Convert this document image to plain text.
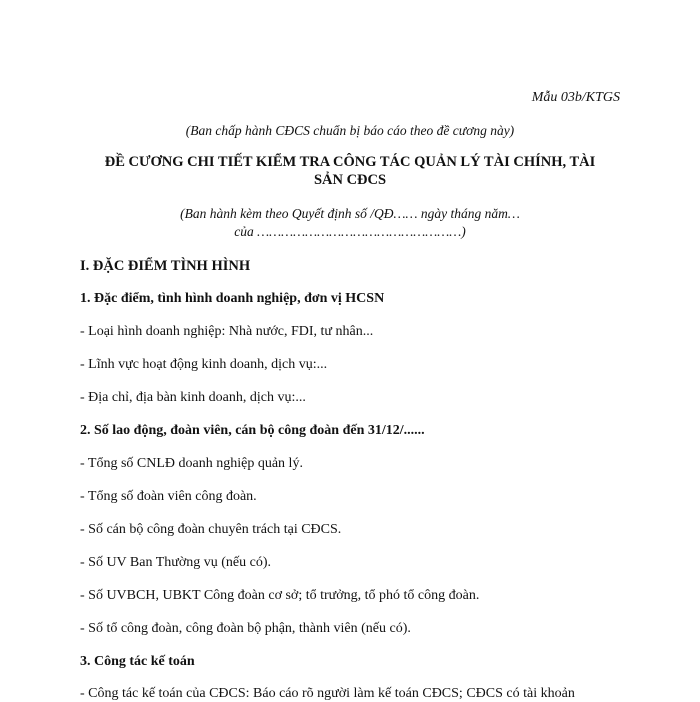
Mẫu 03b/KTGS
(Ban chấp hành CĐCS chuẩn bị báo cáo theo đề cương này)
ĐỀ CƯƠNG CHI TIẾT KIỂM TRA CÔNG TÁC QUẢN LÝ TÀI CHÍNH, TÀI
SẢN CĐCS
(Ban hành kèm theo Quyết định số /QĐ…… ngày tháng năm…
của ……………………………………………)
I. ĐẶC ĐIỂM TÌNH HÌNH
1. Đặc điểm, tình hình doanh nghiệp, đơn vị HCSN
- Loại hình doanh nghiệp: Nhà nước, FDI, tư nhân...
- Lĩnh vực hoạt động kinh doanh, dịch vụ:...
- Địa chỉ, địa bàn kinh doanh, dịch vụ:...
2. Số lao động, đoàn viên, cán bộ công đoàn đến 31/12/......
- Tổng số CNLĐ doanh nghiệp quản lý.
- Tổng số đoàn viên công đoàn.
- Số cán bộ công đoàn chuyên trách tại CĐCS.
- Số UV Ban Thường vụ (nếu có).
- Số UVBCH, UBKT Công đoàn cơ sở; tổ trưởng, tổ phó tổ công đoàn.
- Số tổ công đoàn, công đoàn bộ phận, thành viên (nếu có).
3. Công tác kế toán
- Công tác kế toán của CĐCS: Báo cáo rõ người làm kế toán CĐCS; CĐCS có tài khoản
